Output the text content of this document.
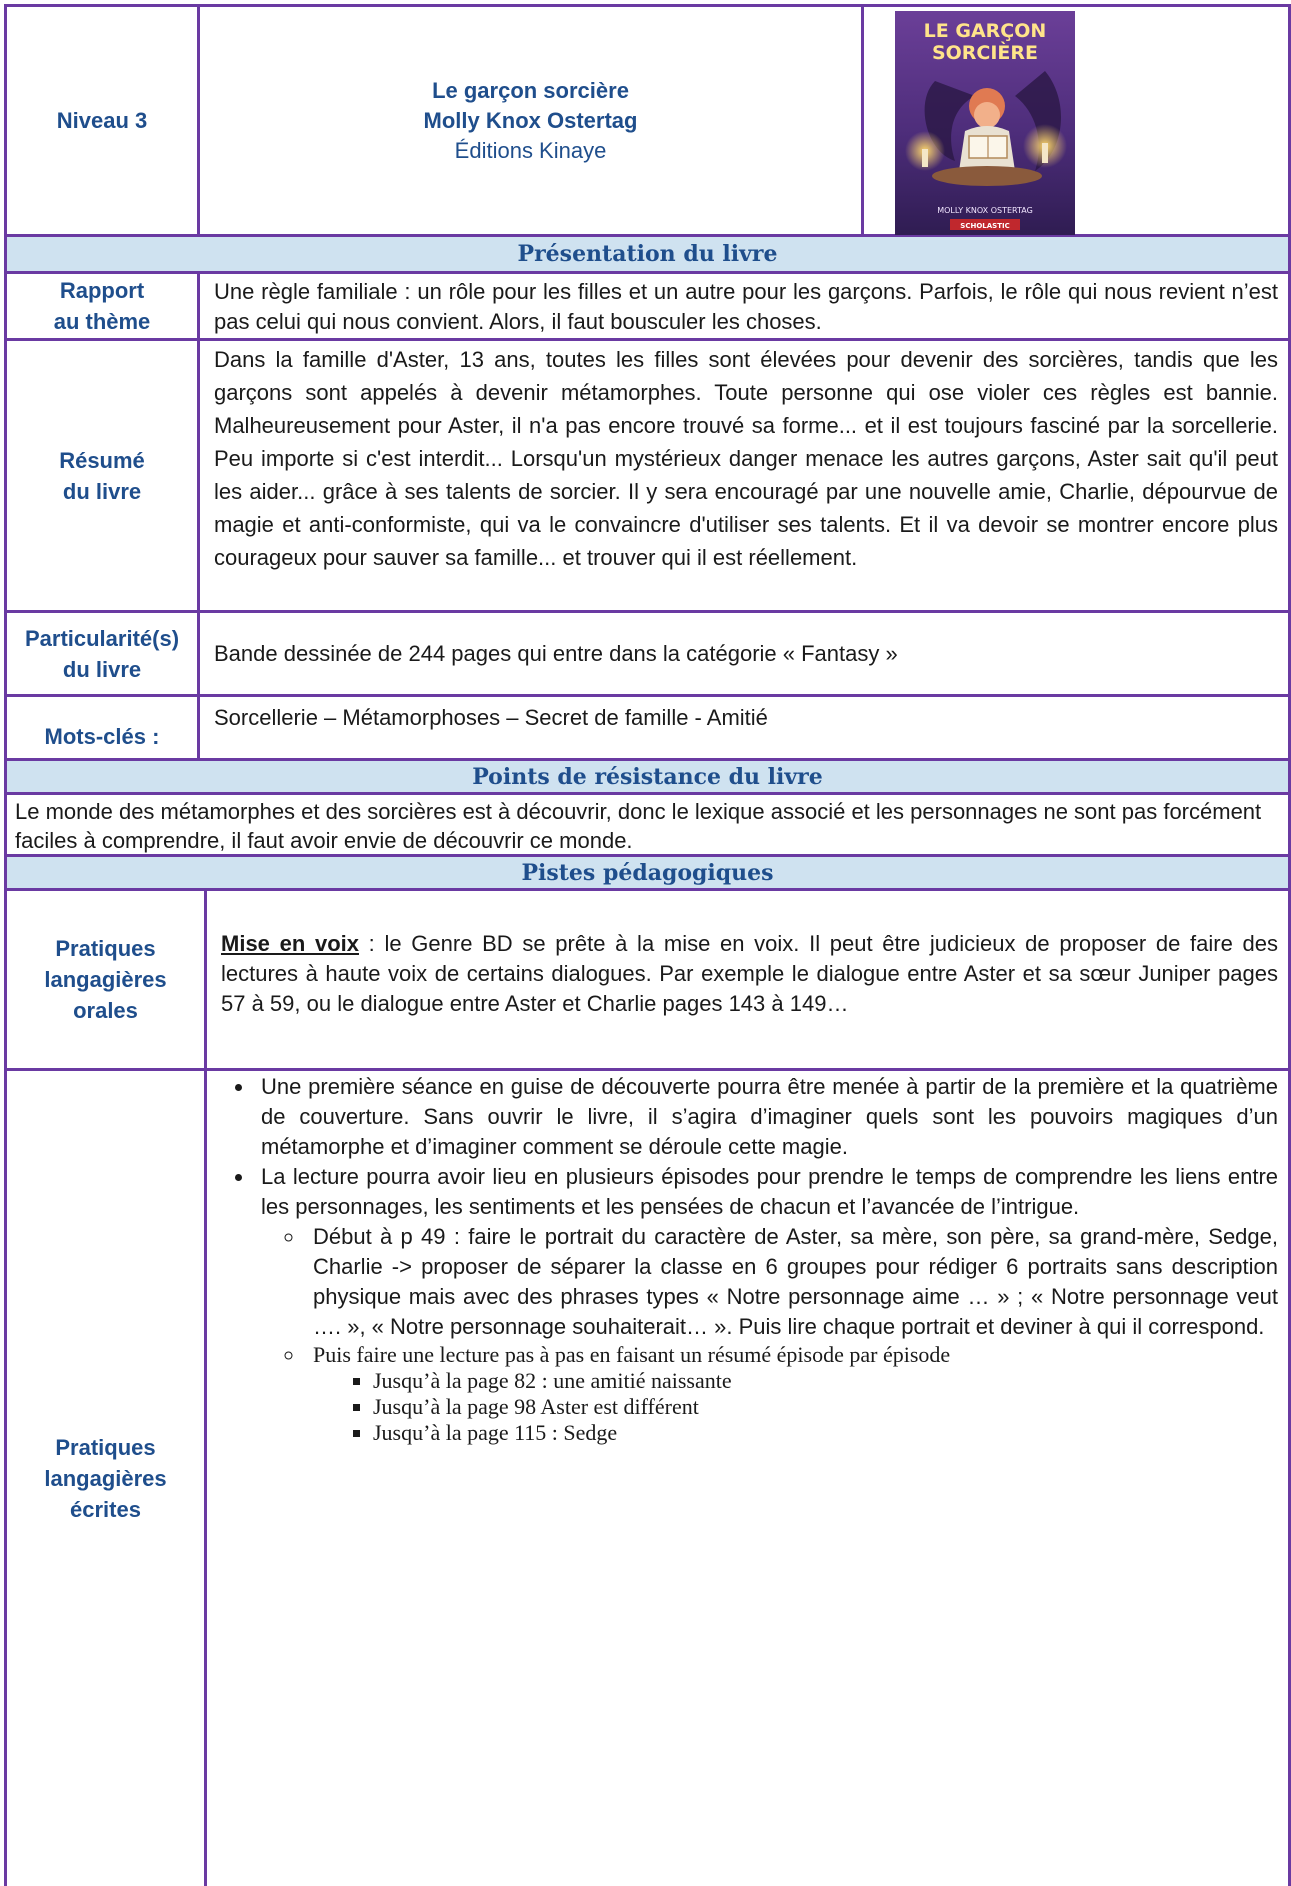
Niveau 3
Le garçon sorcière
Molly Knox Ostertag
Éditions Kinaye
LE GARÇON
SORCIÈRE
MOLLY KNOX OSTERTAG
SCHOLASTIC
Présentation du livre
Rapport
au thème
Une règle familiale : un rôle pour les filles et un autre pour les garçons. Parfois, le rôle qui nous revient n’est pas celui qui nous convient. Alors, il faut bousculer les choses.
Résumé
du livre
Dans la famille d'Aster, 13 ans, toutes les filles sont élevées pour devenir des sorcières, tandis que les garçons sont appelés à devenir métamorphes. Toute personne qui ose violer ces règles est bannie. Malheureusement pour Aster, il n'a pas encore trouvé sa forme... et il est toujours fasciné par la sorcellerie. Peu importe si c'est interdit... Lorsqu'un mystérieux danger menace les autres garçons, Aster sait qu'il peut les aider... grâce à ses talents de sorcier. Il y sera encouragé par une nouvelle amie, Charlie, dépourvue de magie et anti-conformiste, qui va le convaincre d'utiliser ses talents. Et il va devoir se montrer encore plus courageux pour sauver sa famille... et trouver qui il est réellement.
Particularité(s)
du livre
Bande dessinée de 244 pages qui entre dans la catégorie « Fantasy »
Mots-clés :
Sorcellerie – Métamorphoses – Secret de famille - Amitié
Points de résistance du livre
Le monde des métamorphes et des sorcières est à découvrir, donc le lexique associé et les personnages ne sont pas forcément faciles à comprendre, il faut avoir envie de découvrir ce monde.
Pistes pédagogiques
Pratiques
langagières
orales
Mise en voix : le Genre BD se prête à la mise en voix. Il peut être judicieux de proposer de faire des lectures à haute voix de certains dialogues. Par exemple le dialogue entre Aster et sa sœur Juniper pages 57 à 59, ou le dialogue entre Aster et Charlie pages 143 à 149…
Pratiques
langagières
écrites
• Une première séance en guise de découverte pourra être menée à partir de la première et la quatrième de couverture. Sans ouvrir le livre, il s’agira d’imaginer quels sont les pouvoirs magiques d’un métamorphe et d’imaginer comment se déroule cette magie.
• La lecture pourra avoir lieu en plusieurs épisodes pour prendre le temps de comprendre les liens entre les personnages, les sentiments et les pensées de chacun et l’avancée de l’intrigue.
◦ Début à p 49 : faire le portrait du caractère de Aster, sa mère, son père, sa grand-mère, Sedge, Charlie -> proposer de séparer la classe en 6 groupes pour rédiger 6 portraits sans description physique mais avec des phrases types « Notre personnage aime … » ; « Notre personnage veut …. », « Notre personnage souhaiterait… ». Puis lire chaque portrait et deviner à qui il correspond.
◦ Puis faire une lecture pas à pas en faisant un résumé épisode par épisode
▪ Jusqu’à la page 82 : une amitié naissante
▪ Jusqu’à la page 98 Aster est différent
▪ Jusqu’à la page 115 : Sedge
